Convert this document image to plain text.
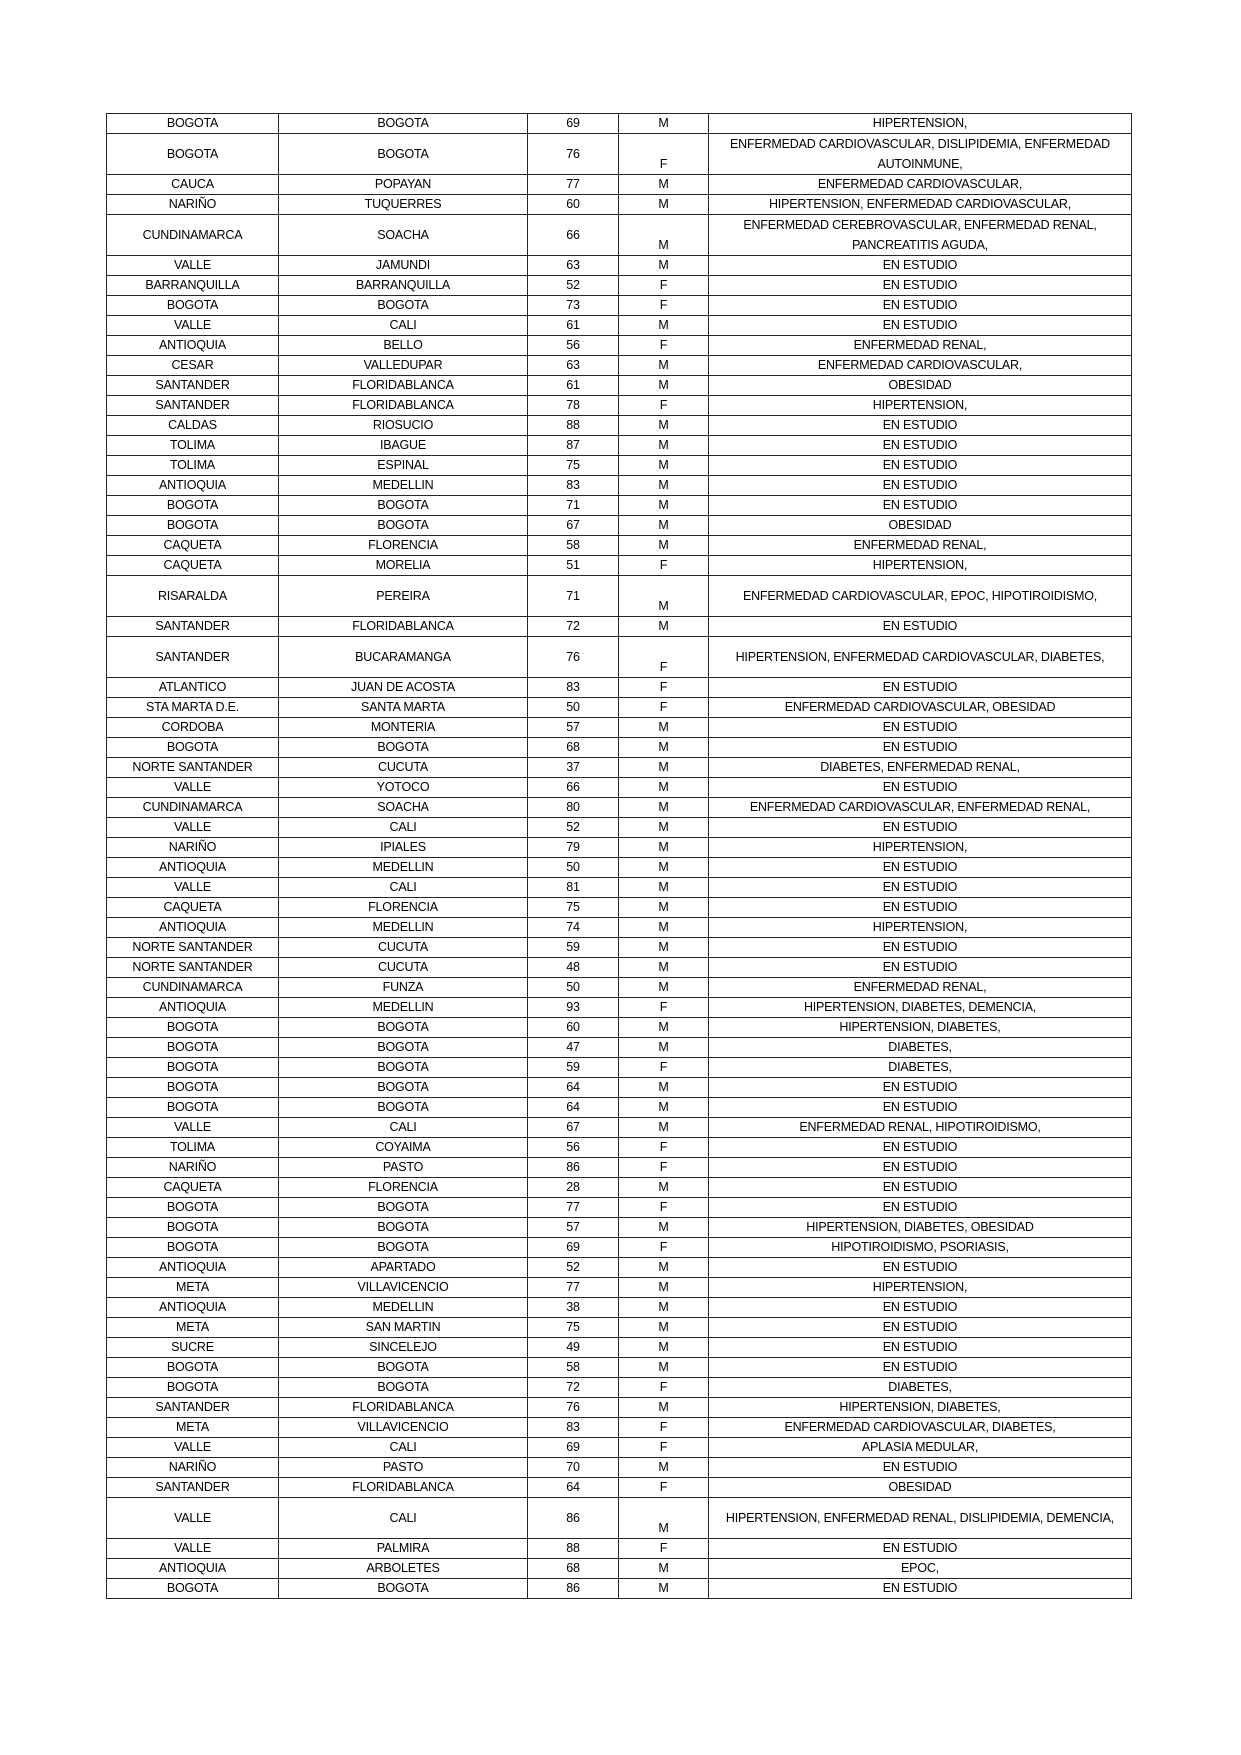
BOGOTA	BOGOTA	69	M	HIPERTENSION,
BOGOTA	BOGOTA	76	F	ENFERMEDAD CARDIOVASCULAR, DISLIPIDEMIA, ENFERMEDAD AUTOINMUNE,
CAUCA	POPAYAN	77	M	ENFERMEDAD CARDIOVASCULAR,
NARIÑO	TUQUERRES	60	M	HIPERTENSION, ENFERMEDAD CARDIOVASCULAR,
CUNDINAMARCA	SOACHA	66	M	ENFERMEDAD CEREBROVASCULAR, ENFERMEDAD RENAL, PANCREATITIS AGUDA,
VALLE	JAMUNDI	63	M	EN ESTUDIO
BARRANQUILLA	BARRANQUILLA	52	F	EN ESTUDIO
BOGOTA	BOGOTA	73	F	EN ESTUDIO
VALLE	CALI	61	M	EN ESTUDIO
ANTIOQUIA	BELLO	56	F	ENFERMEDAD RENAL,
CESAR	VALLEDUPAR	63	M	ENFERMEDAD CARDIOVASCULAR,
SANTANDER	FLORIDABLANCA	61	M	OBESIDAD
SANTANDER	FLORIDABLANCA	78	F	HIPERTENSION,
CALDAS	RIOSUCIO	88	M	EN ESTUDIO
TOLIMA	IBAGUE	87	M	EN ESTUDIO
TOLIMA	ESPINAL	75	M	EN ESTUDIO
ANTIOQUIA	MEDELLIN	83	M	EN ESTUDIO
BOGOTA	BOGOTA	71	M	EN ESTUDIO
BOGOTA	BOGOTA	67	M	OBESIDAD
CAQUETA	FLORENCIA	58	M	ENFERMEDAD RENAL,
CAQUETA	MORELIA	51	F	HIPERTENSION,
RISARALDA	PEREIRA	71	M	ENFERMEDAD CARDIOVASCULAR, EPOC, HIPOTIROIDISMO,
SANTANDER	FLORIDABLANCA	72	M	EN ESTUDIO
SANTANDER	BUCARAMANGA	76	F	HIPERTENSION, ENFERMEDAD CARDIOVASCULAR, DIABETES,
ATLANTICO	JUAN DE ACOSTA	83	F	EN ESTUDIO
STA MARTA D.E.	SANTA MARTA	50	F	ENFERMEDAD CARDIOVASCULAR, OBESIDAD
CORDOBA	MONTERIA	57	M	EN ESTUDIO
BOGOTA	BOGOTA	68	M	EN ESTUDIO
NORTE SANTANDER	CUCUTA	37	M	DIABETES, ENFERMEDAD RENAL,
VALLE	YOTOCO	66	M	EN ESTUDIO
CUNDINAMARCA	SOACHA	80	M	ENFERMEDAD CARDIOVASCULAR, ENFERMEDAD RENAL,
VALLE	CALI	52	M	EN ESTUDIO
NARIÑO	IPIALES	79	M	HIPERTENSION,
ANTIOQUIA	MEDELLIN	50	M	EN ESTUDIO
VALLE	CALI	81	M	EN ESTUDIO
CAQUETA	FLORENCIA	75	M	EN ESTUDIO
ANTIOQUIA	MEDELLIN	74	M	HIPERTENSION,
NORTE SANTANDER	CUCUTA	59	M	EN ESTUDIO
NORTE SANTANDER	CUCUTA	48	M	EN ESTUDIO
CUNDINAMARCA	FUNZA	50	M	ENFERMEDAD RENAL,
ANTIOQUIA	MEDELLIN	93	F	HIPERTENSION, DIABETES, DEMENCIA,
BOGOTA	BOGOTA	60	M	HIPERTENSION, DIABETES,
BOGOTA	BOGOTA	47	M	DIABETES,
BOGOTA	BOGOTA	59	F	DIABETES,
BOGOTA	BOGOTA	64	M	EN ESTUDIO
BOGOTA	BOGOTA	64	M	EN ESTUDIO
VALLE	CALI	67	M	ENFERMEDAD RENAL, HIPOTIROIDISMO,
TOLIMA	COYAIMA	56	F	EN ESTUDIO
NARIÑO	PASTO	86	F	EN ESTUDIO
CAQUETA	FLORENCIA	28	M	EN ESTUDIO
BOGOTA	BOGOTA	77	F	EN ESTUDIO
BOGOTA	BOGOTA	57	M	HIPERTENSION, DIABETES, OBESIDAD
BOGOTA	BOGOTA	69	F	HIPOTIROIDISMO, PSORIASIS,
ANTIOQUIA	APARTADO	52	M	EN ESTUDIO
META	VILLAVICENCIO	77	M	HIPERTENSION,
ANTIOQUIA	MEDELLIN	38	M	EN ESTUDIO
META	SAN MARTIN	75	M	EN ESTUDIO
SUCRE	SINCELEJO	49	M	EN ESTUDIO
BOGOTA	BOGOTA	58	M	EN ESTUDIO
BOGOTA	BOGOTA	72	F	DIABETES,
SANTANDER	FLORIDABLANCA	76	M	HIPERTENSION, DIABETES,
META	VILLAVICENCIO	83	F	ENFERMEDAD CARDIOVASCULAR, DIABETES,
VALLE	CALI	69	F	APLASIA MEDULAR,
NARIÑO	PASTO	70	M	EN ESTUDIO
SANTANDER	FLORIDABLANCA	64	F	OBESIDAD
VALLE	CALI	86	M	HIPERTENSION, ENFERMEDAD RENAL, DISLIPIDEMIA, DEMENCIA,
VALLE	PALMIRA	88	F	EN ESTUDIO
ANTIOQUIA	ARBOLETES	68	M	EPOC,
BOGOTA	BOGOTA	86	M	EN ESTUDIO
